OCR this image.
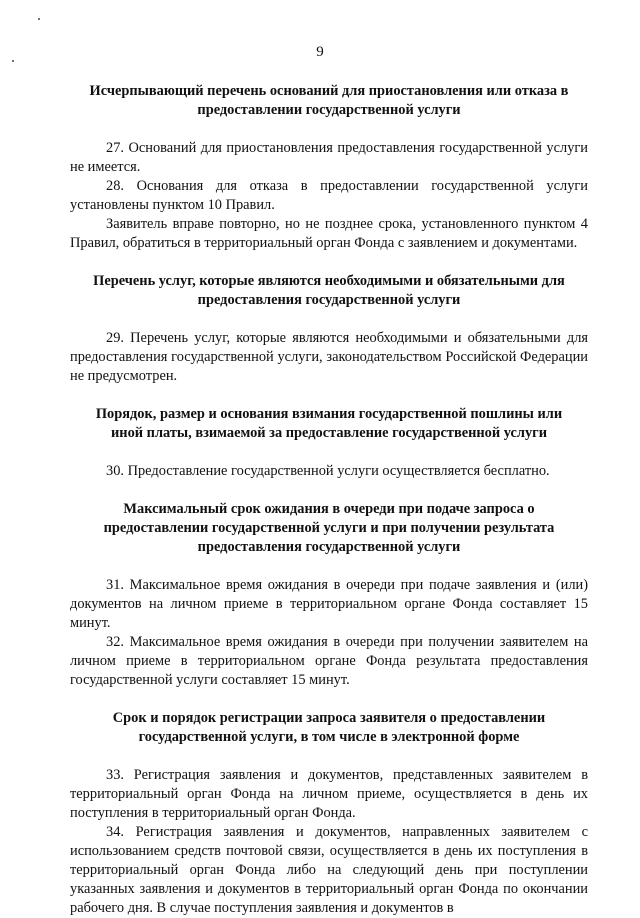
9

Исчерпывающий перечень оснований для приостановления или отказа в предоставлении государственной услуги

27. Оснований для приостановления предоставления государственной услуги не имеется.

28. Основания для отказа в предоставлении государственной услуги установлены пунктом 10 Правил.

Заявитель вправе повторно, но не позднее срока, установленного пунктом 4 Правил, обратиться в территориальный орган Фонда с заявлением и документами.

Перечень услуг, которые являются необходимыми и обязательными для предоставления государственной услуги

29. Перечень услуг, которые являются необходимыми и обязательными для предоставления государственной услуги, законодательством Российской Федерации не предусмотрен.

Порядок, размер и основания взимания государственной пошлины или иной платы, взимаемой за предоставление государственной услуги

30. Предоставление государственной услуги осуществляется бесплатно.

Максимальный срок ожидания в очереди при подаче запроса о предоставлении государственной услуги и при получении результата предоставления государственной услуги

31. Максимальное время ожидания в очереди при подаче заявления и (или) документов на личном приеме в территориальном органе Фонда составляет 15 минут.

32. Максимальное время ожидания в очереди при получении заявителем на личном приеме в территориальном органе Фонда результата предоставления государственной услуги составляет 15 минут.

Срок и порядок регистрации запроса заявителя о предоставлении государственной услуги, в том числе в электронной форме

33. Регистрация заявления и документов, представленных заявителем в территориальный орган Фонда на личном приеме, осуществляется в день их поступления в территориальный орган Фонда.

34. Регистрация заявления и документов, направленных заявителем с использованием средств почтовой связи, осуществляется в день их поступления в территориальный орган Фонда либо на следующий день при поступлении указанных заявления и документов в территориальный орган Фонда по окончании рабочего дня. В случае поступления заявления и документов в
